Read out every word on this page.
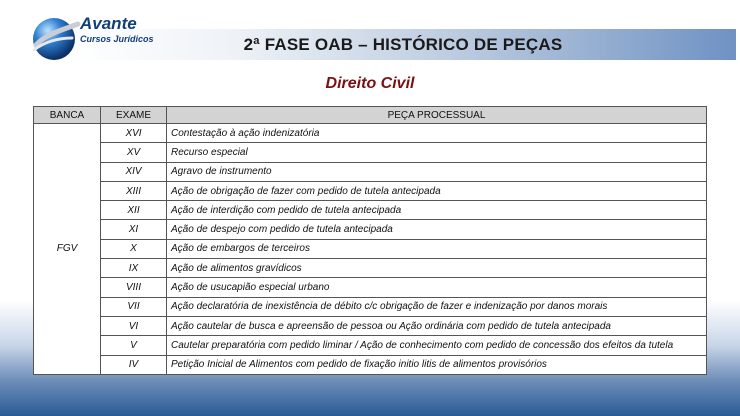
2ª FASE OAB – HISTÓRICO DE PEÇAS
Avante
Cursos Jurídicos
Direito Civil
BANCA	EXAME	PEÇA PROCESSUAL
FGV	XVI	Contestação à ação indenizatória
	XV	Recurso especial
	XIV	Agravo de instrumento
	XIII	Ação de obrigação de fazer com pedido de tutela antecipada
	XII	Ação de interdição com pedido de tutela antecipada
	XI	Ação de despejo com pedido de tutela antecipada
	X	Ação de embargos de terceiros
	IX	Ação de alimentos gravídicos
	VIII	Ação de usucapião especial urbano
	VII	Ação declaratória de inexistência de débito c/c obrigação de fazer e indenização por danos morais
	VI	Ação cautelar de busca e apreensão de pessoa ou Ação ordinária com pedido de tutela antecipada
	V	Cautelar preparatória com pedido liminar / Ação de conhecimento com pedido de concessão dos efeitos da tutela
	IV	Petição Inicial de Alimentos com pedido de fixação initio litis de alimentos provisórios
